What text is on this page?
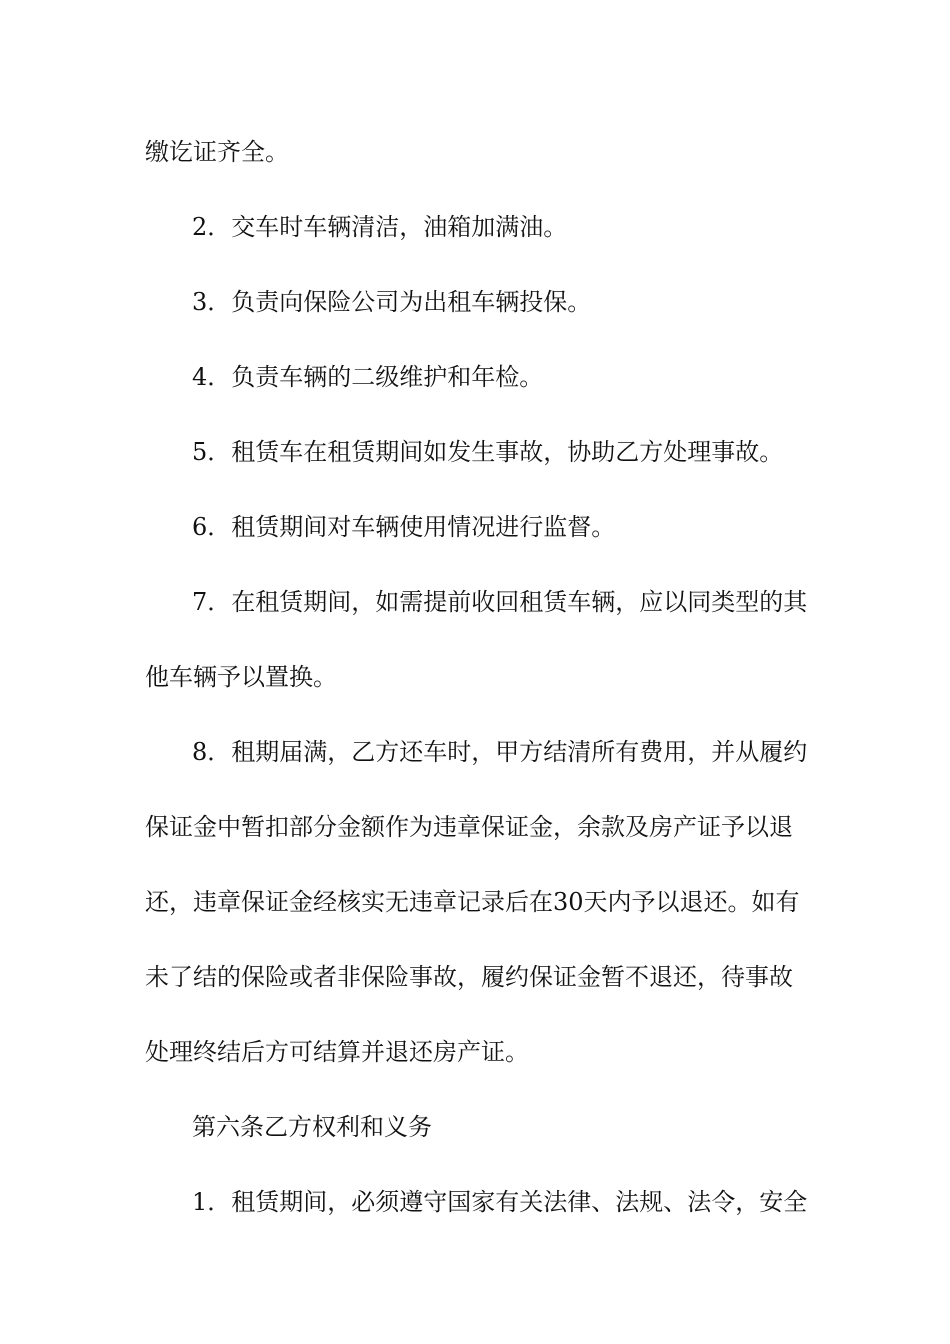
缴讫证齐全。
2．交车时车辆清洁，油箱加满油。
3．负责向保险公司为出租车辆投保。
4．负责车辆的二级维护和年检。
5．租赁车在租赁期间如发生事故，协助乙方处理事故。
6．租赁期间对车辆使用情况进行监督。
7．在租赁期间，如需提前收回租赁车辆，应以同类型的其
他车辆予以置换。
8．租期届满，乙方还车时，甲方结清所有费用，并从履约
保证金中暂扣部分金额作为违章保证金，余款及房产证予以退
还，违章保证金经核实无违章记录后在30天内予以退还。如有
未了结的保险或者非保险事故，履约保证金暂不退还，待事故
处理终结后方可结算并退还房产证。
第六条乙方权利和义务
1．租赁期间，必须遵守国家有关法律、法规、法令，安全
